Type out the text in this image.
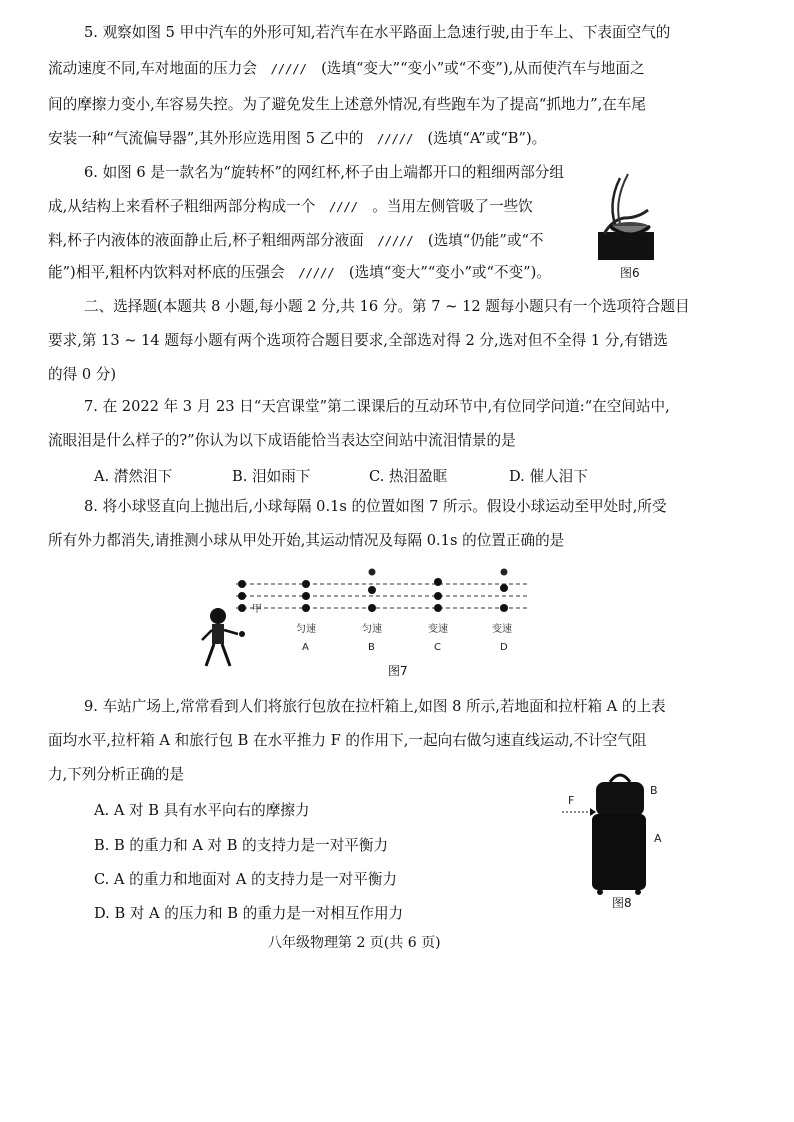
5. 观察如图 5 甲中汽车的外形可知,若汽车在水平路面上急速行驶,由于车上、下表面空气的
流动速度不同,车对地面的压力会 ///// (选填“变大”“变小”或“不变”),从而使汽车与地面之
间的摩擦力变小,车容易失控。为了避免发生上述意外情况,有些跑车为了提高“抓地力”,在车尾
安装一种“气流偏导器”,其外形应选用图 5 乙中的 ///// (选填“A”或“B”)。
6. 如图 6 是一款名为“旋转杯”的网红杯,杯子由上端都开口的粗细两部分组
成,从结构上来看杯子粗细两部分构成一个 //// 。当用左侧管吸了一些饮
料,杯子内液体的液面静止后,杯子粗细两部分液面 ///// (选填“仍能”或“不
能”)相平,粗杯内饮料对杯底的压强会 ///// (选填“变大”“变小”或“不变”)。	图6
二、选择题(本题共 8 小题,每小题 2 分,共 16 分。第 7 ~ 12 题每小题只有一个选项符合题目
要求,第 13 ~ 14 题每小题有两个选项符合题目要求,全部选对得 2 分,选对但不全得 1 分,有错选
的得 0 分)
7. 在 2022 年 3 月 23 日“天宫课堂”第二课课后的互动环节中,有位同学问道:“在空间站中,
流眼泪是什么样子的?”你认为以下成语能恰当表达空间站中流泪情景的是
A. 潸然泪下	B. 泪如雨下	C. 热泪盈眶	D. 催人泪下
8. 将小球竖直向上抛出后,小球每隔 0.1s 的位置如图 7 所示。假设小球运动至甲处时,所受
所有外力都消失,请推测小球从甲处开始,其运动情况及每隔 0.1s 的位置正确的是
甲
匀速	匀速	变速	变速
A	B	C	D
图7
9. 车站广场上,常常看到人们将旅行包放在拉杆箱上,如图 8 所示,若地面和拉杆箱 A 的上表
面均水平,拉杆箱 A 和旅行包 B 在水平推力 F 的作用下,一起向右做匀速直线运动,不计空气阻
力,下列分析正确的是
A. A 对 B 具有水平向右的摩擦力
B. B 的重力和 A 对 B 的支持力是一对平衡力
C. A 的重力和地面对 A 的支持力是一对平衡力
D. B 对 A 的压力和 B 的重力是一对相互作用力
F
B
A
图8
八年级物理第 2 页(共 6 页)
